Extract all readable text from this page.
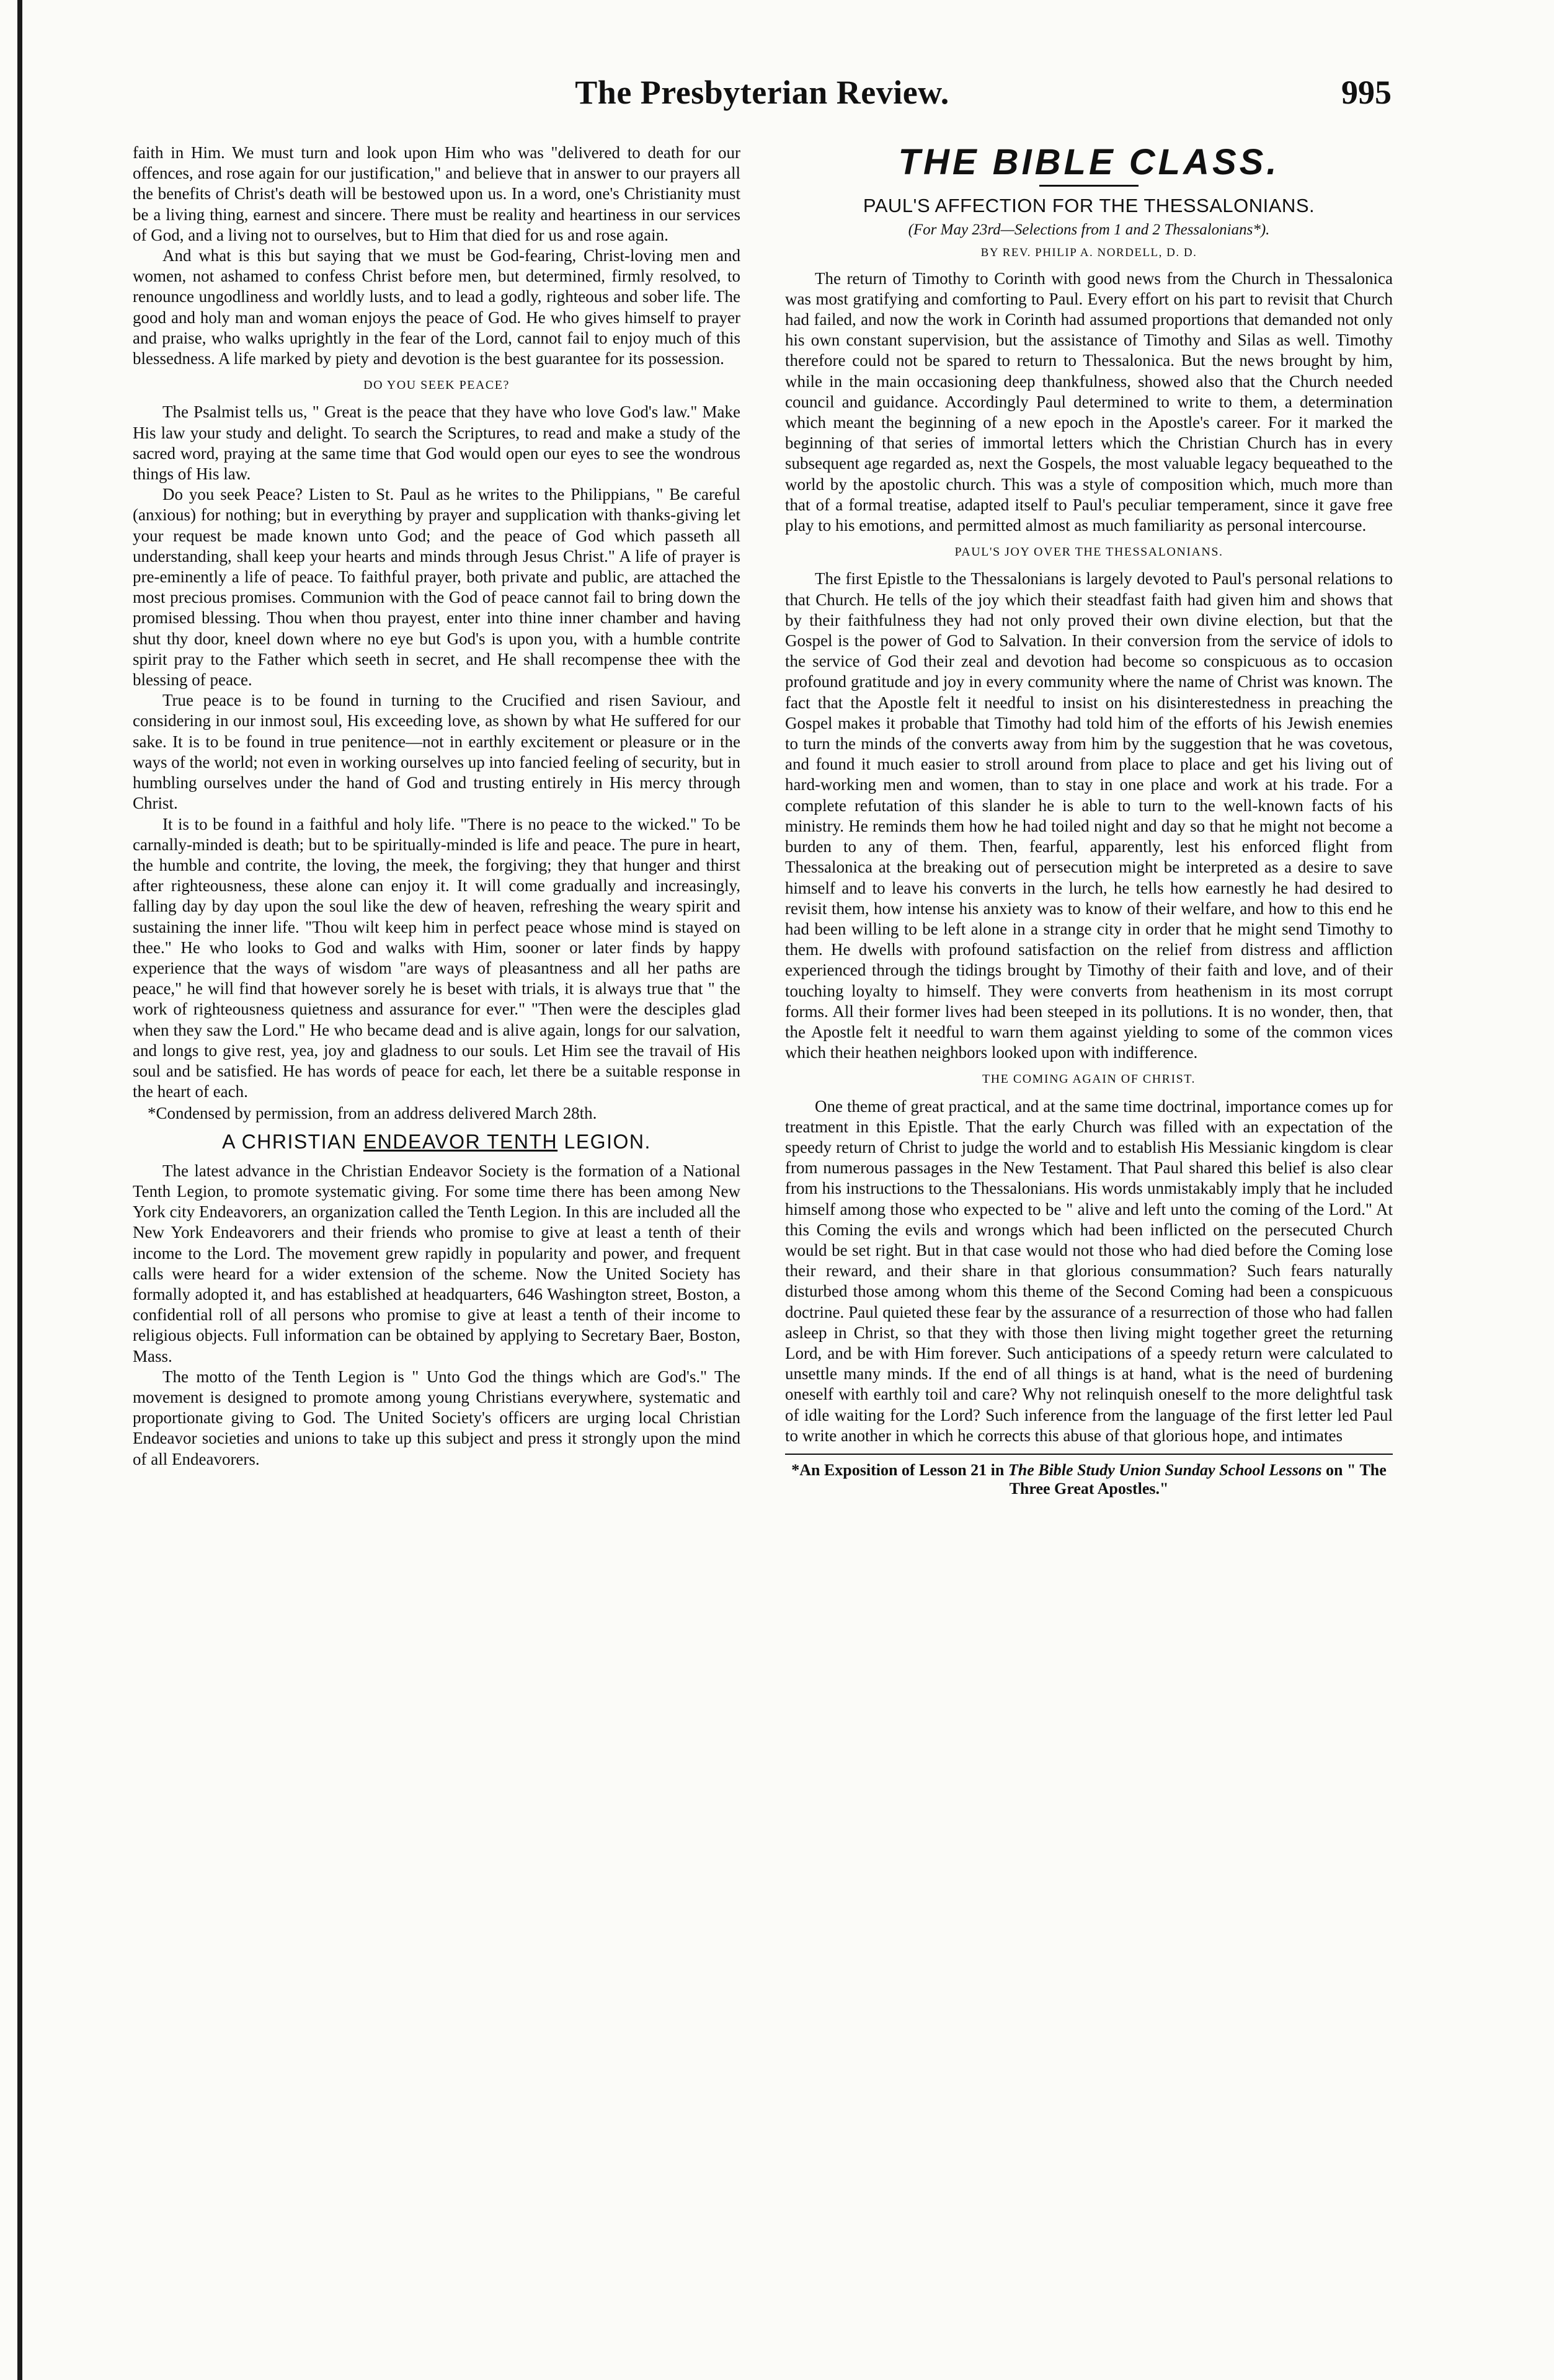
The Presbyterian Review.	995

faith in Him. We must turn and look upon Him who was "delivered to death for our offences, and rose again for our justification," and believe that in answer to our prayers all the benefits of Christ's death will be bestowed upon us. In a word, one's Christianity must be a living thing, earnest and sincere. There must be reality and heartiness in our services of God, and a living not to ourselves, but to Him that died for us and rose again.

And what is this but saying that we must be God-fearing, Christ-loving men and women, not ashamed to confess Christ before men, but determined, firmly resolved, to renounce ungodliness and worldly lusts, and to lead a godly, righteous and sober life. The good and holy man and woman enjoys the peace of God. He who gives himself to prayer and praise, who walks uprightly in the fear of the Lord, cannot fail to enjoy much of this blessedness. A life marked by piety and devotion is the best guarantee for its possession.

DO YOU SEEK PEACE?

The Psalmist tells us, " Great is the peace that they have who love God's law." Make His law your study and delight. To search the Scriptures, to read and make a study of the sacred word, praying at the same time that God would open our eyes to see the wondrous things of His law.

Do you seek Peace? Listen to St. Paul as he writes to the Philippians, " Be careful (anxious) for nothing; but in everything by prayer and supplication with thanks-giving let your request be made known unto God; and the peace of God which passeth all understanding, shall keep your hearts and minds through Jesus Christ." A life of prayer is pre-eminently a life of peace. To faithful prayer, both private and public, are attached the most precious promises. Communion with the God of peace cannot fail to bring down the promised blessing. Thou when thou prayest, enter into thine inner chamber and having shut thy door, kneel down where no eye but God's is upon you, with a humble contrite spirit pray to the Father which seeth in secret, and He shall recompense thee with the blessing of peace.

True peace is to be found in turning to the Crucified and risen Saviour, and considering in our inmost soul, His exceeding love, as shown by what He suffered for our sake. It is to be found in true penitence—not in earthly excitement or pleasure or in the ways of the world; not even in working ourselves up into fancied feeling of security, but in humbling ourselves under the hand of God and trusting entirely in His mercy through Christ.

It is to be found in a faithful and holy life. "There is no peace to the wicked." To be carnally-minded is death; but to be spiritually-minded is life and peace. The pure in heart, the humble and contrite, the loving, the meek, the forgiving; they that hunger and thirst after righteousness, these alone can enjoy it. It will come gradually and increasingly, falling day by day upon the soul like the dew of heaven, refreshing the weary spirit and sustaining the inner life. "Thou wilt keep him in perfect peace whose mind is stayed on thee." He who looks to God and walks with Him, sooner or later finds by happy experience that the ways of wisdom "are ways of pleasantness and all her paths are peace," he will find that however sorely he is beset with trials, it is always true that " the work of righteousness quietness and assurance for ever." "Then were the desciples glad when they saw the Lord." He who became dead and is alive again, longs for our salvation, and longs to give rest, yea, joy and gladness to our souls. Let Him see the travail of His soul and be satisfied. He has words of peace for each, let there be a suitable response in the heart of each.

*Condensed by permission, from an address delivered March 28th.

A CHRISTIAN ENDEAVOR TENTH LEGION.

The latest advance in the Christian Endeavor Society is the formation of a National Tenth Legion, to promote systematic giving. For some time there has been among New York city Endeavorers, an organization called the Tenth Legion. In this are included all the New York Endeavorers and their friends who promise to give at least a tenth of their income to the Lord. The movement grew rapidly in popularity and power, and frequent calls were heard for a wider extension of the scheme. Now the United Society has formally adopted it, and has established at headquarters, 646 Washington street, Boston, a confidential roll of all persons who promise to give at least a tenth of their income to religious objects. Full information can be obtained by applying to Secretary Baer, Boston, Mass.

The motto of the Tenth Legion is " Unto God the things which are God's." The movement is designed to promote among young Christians everywhere, systematic and proportionate giving to God. The United Society's officers are urging local Christian Endeavor societies and unions to take up this subject and press it strongly upon the mind of all Endeavorers.

THE BIBLE CLASS.
PAUL'S AFFECTION FOR THE THESSALONIANS.
(For May 23rd—Selections from 1 and 2 Thessalonians*).
BY REV. PHILIP A. NORDELL, D. D.

The return of Timothy to Corinth with good news from the Church in Thessalonica was most gratifying and comforting to Paul. Every effort on his part to revisit that Church had failed, and now the work in Corinth had assumed proportions that demanded not only his own constant supervision, but the assistance of Timothy and Silas as well. Timothy therefore could not be spared to return to Thessalonica. But the news brought by him, while in the main occasioning deep thankfulness, showed also that the Church needed council and guidance. Accordingly Paul determined to write to them, a determination which meant the beginning of a new epoch in the Apostle's career. For it marked the beginning of that series of immortal letters which the Christian Church has in every subsequent age regarded as, next the Gospels, the most valuable legacy bequeathed to the world by the apostolic church. This was a style of composition which, much more than that of a formal treatise, adapted itself to Paul's peculiar temperament, since it gave free play to his emotions, and permitted almost as much familiarity as personal intercourse.

PAUL'S JOY OVER THE THESSALONIANS.

The first Epistle to the Thessalonians is largely devoted to Paul's personal relations to that Church. He tells of the joy which their steadfast faith had given him and shows that by their faithfulness they had not only proved their own divine election, but that the Gospel is the power of God to Salvation. In their conversion from the service of idols to the service of God their zeal and devotion had become so conspicuous as to occasion profound gratitude and joy in every community where the name of Christ was known. The fact that the Apostle felt it needful to insist on his disinterestedness in preaching the Gospel makes it probable that Timothy had told him of the efforts of his Jewish enemies to turn the minds of the converts away from him by the suggestion that he was covetous, and found it much easier to stroll around from place to place and get his living out of hard-working men and women, than to stay in one place and work at his trade. For a complete refutation of this slander he is able to turn to the well-known facts of his ministry. He reminds them how he had toiled night and day so that he might not become a burden to any of them. Then, fearful, apparently, lest his enforced flight from Thessalonica at the breaking out of persecution might be interpreted as a desire to save himself and to leave his converts in the lurch, he tells how earnestly he had desired to revisit them, how intense his anxiety was to know of their welfare, and how to this end he had been willing to be left alone in a strange city in order that he might send Timothy to them. He dwells with profound satisfaction on the relief from distress and affliction experienced through the tidings brought by Timothy of their faith and love, and of their touching loyalty to himself. They were converts from heathenism in its most corrupt forms. All their former lives had been steeped in its pollutions. It is no wonder, then, that the Apostle felt it needful to warn them against yielding to some of the common vices which their heathen neighbors looked upon with indifference.

THE COMING AGAIN OF CHRIST.

One theme of great practical, and at the same time doctrinal, importance comes up for treatment in this Epistle. That the early Church was filled with an expectation of the speedy return of Christ to judge the world and to establish His Messianic kingdom is clear from numerous passages in the New Testament. That Paul shared this belief is also clear from his instructions to the Thessalonians. His words unmistakably imply that he included himself among those who expected to be " alive and left unto the coming of the Lord." At this Coming the evils and wrongs which had been inflicted on the persecuted Church would be set right. But in that case would not those who had died before the Coming lose their reward, and their share in that glorious consummation? Such fears naturally disturbed those among whom this theme of the Second Coming had been a conspicuous doctrine. Paul quieted these fear by the assurance of a resurrection of those who had fallen asleep in Christ, so that they with those then living might together greet the returning Lord, and be with Him forever. Such anticipations of a speedy return were calculated to unsettle many minds. If the end of all things is at hand, what is the need of burdening oneself with earthly toil and care? Why not relinquish oneself to the more delightful task of idle waiting for the Lord? Such inference from the language of the first letter led Paul to write another in which he corrects this abuse of that glorious hope, and intimates

*An Exposition of Lesson 21 in The Bible Study Union Sunday School Lessons on " The Three Great Apostles."
